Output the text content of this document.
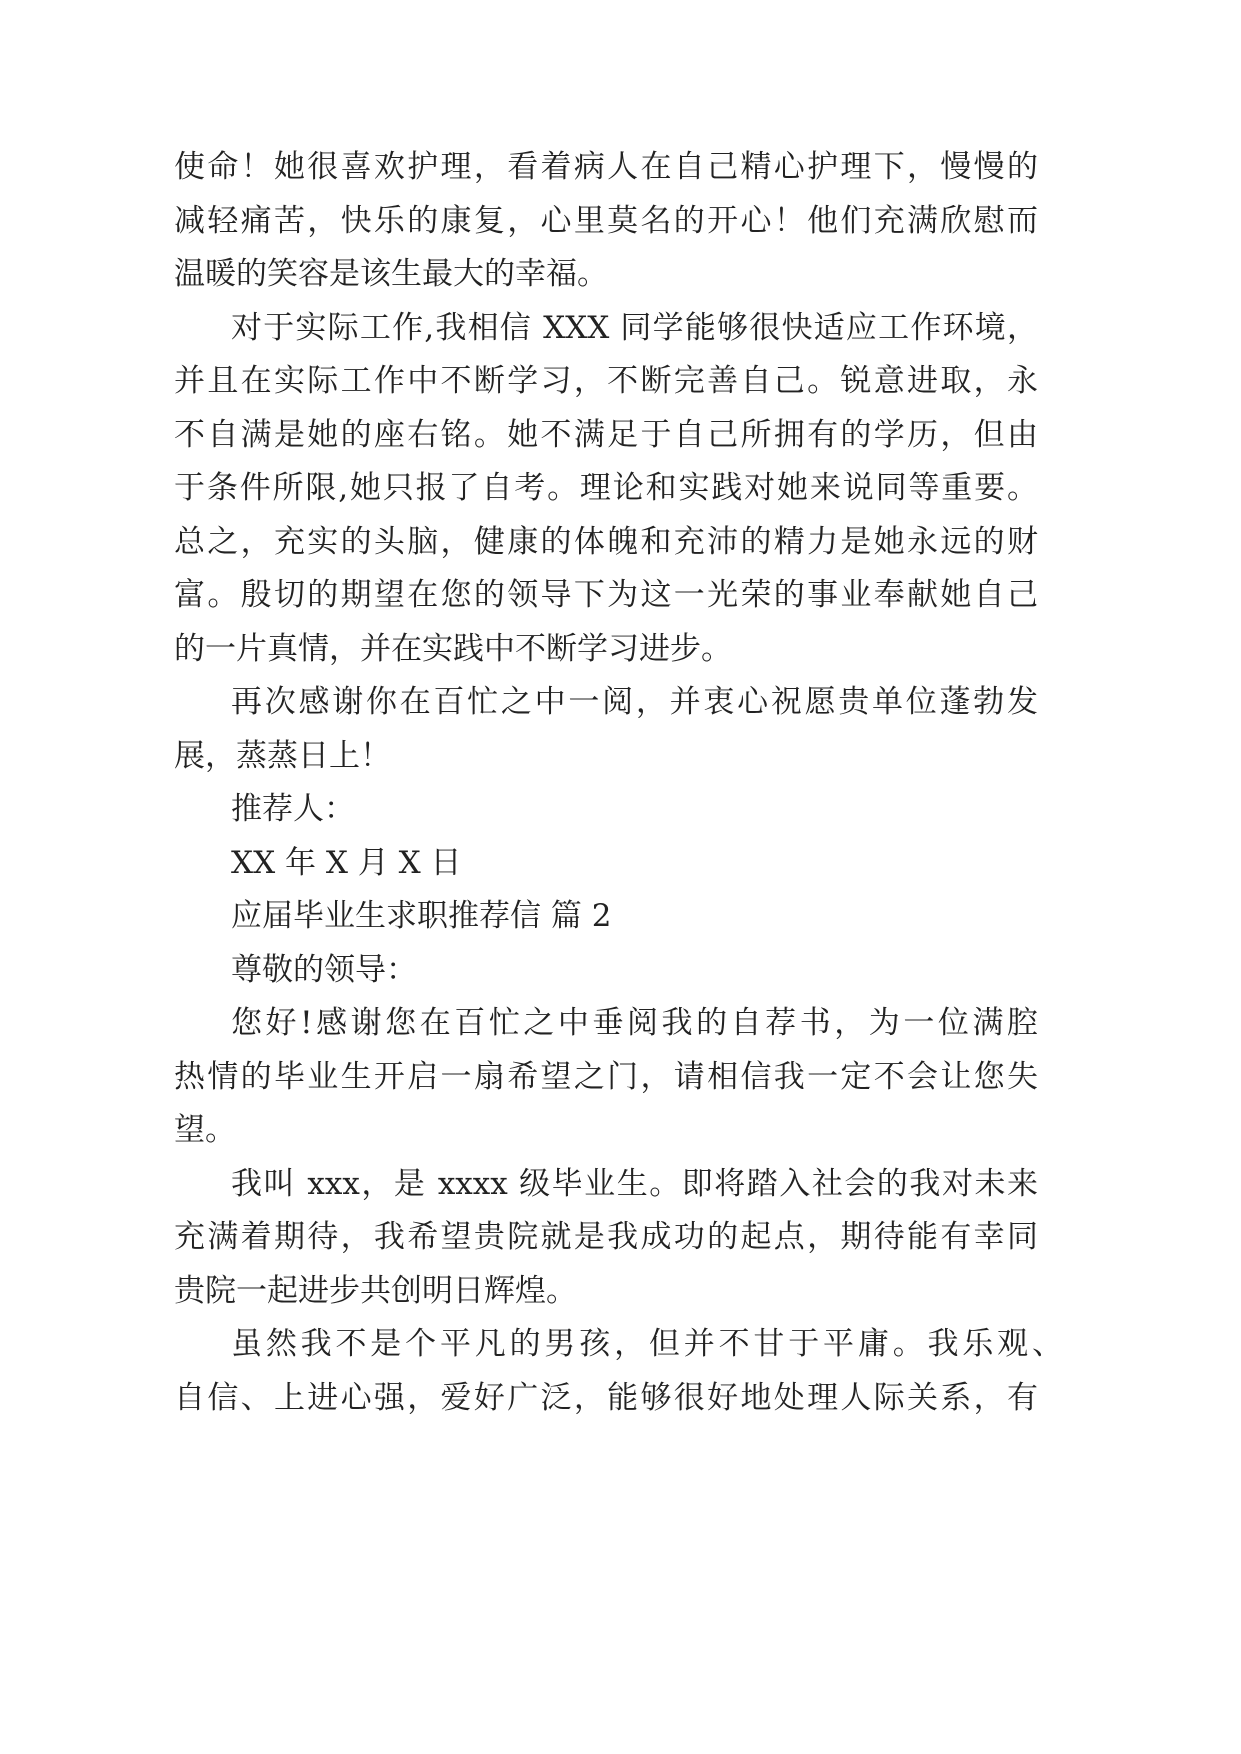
使命！她很喜欢护理，看着病人在自己精心护理下，慢慢的
减轻痛苦，快乐的康复，心里莫名的开心！他们充满欣慰而
温暖的笑容是该生最大的幸福。
对于实际工作,我相信 XXX 同学能够很快适应工作环境，
并且在实际工作中不断学习，不断完善自己。锐意进取，永
不自满是她的座右铭。她不满足于自己所拥有的学历，但由
于条件所限,她只报了自考。理论和实践对她来说同等重要。
总之，充实的头脑，健康的体魄和充沛的精力是她永远的财
富。殷切的期望在您的领导下为这一光荣的事业奉献她自己
的一片真情，并在实践中不断学习进步。
再次感谢你在百忙之中一阅，并衷心祝愿贵单位蓬勃发
展，蒸蒸日上！
推荐人：
XX 年 X 月 X 日
应届毕业生求职推荐信 篇 2
尊敬的领导：
您好!感谢您在百忙之中垂阅我的自荐书，为一位满腔
热情的毕业生开启一扇希望之门，请相信我一定不会让您失
望。
我叫 xxx，是 xxxx 级毕业生。即将踏入社会的我对未来
充满着期待，我希望贵院就是我成功的起点，期待能有幸同
贵院一起进步共创明日辉煌。
虽然我不是个平凡的男孩，但并不甘于平庸。我乐观、
自信、上进心强，爱好广泛，能够很好地处理人际关系，有
